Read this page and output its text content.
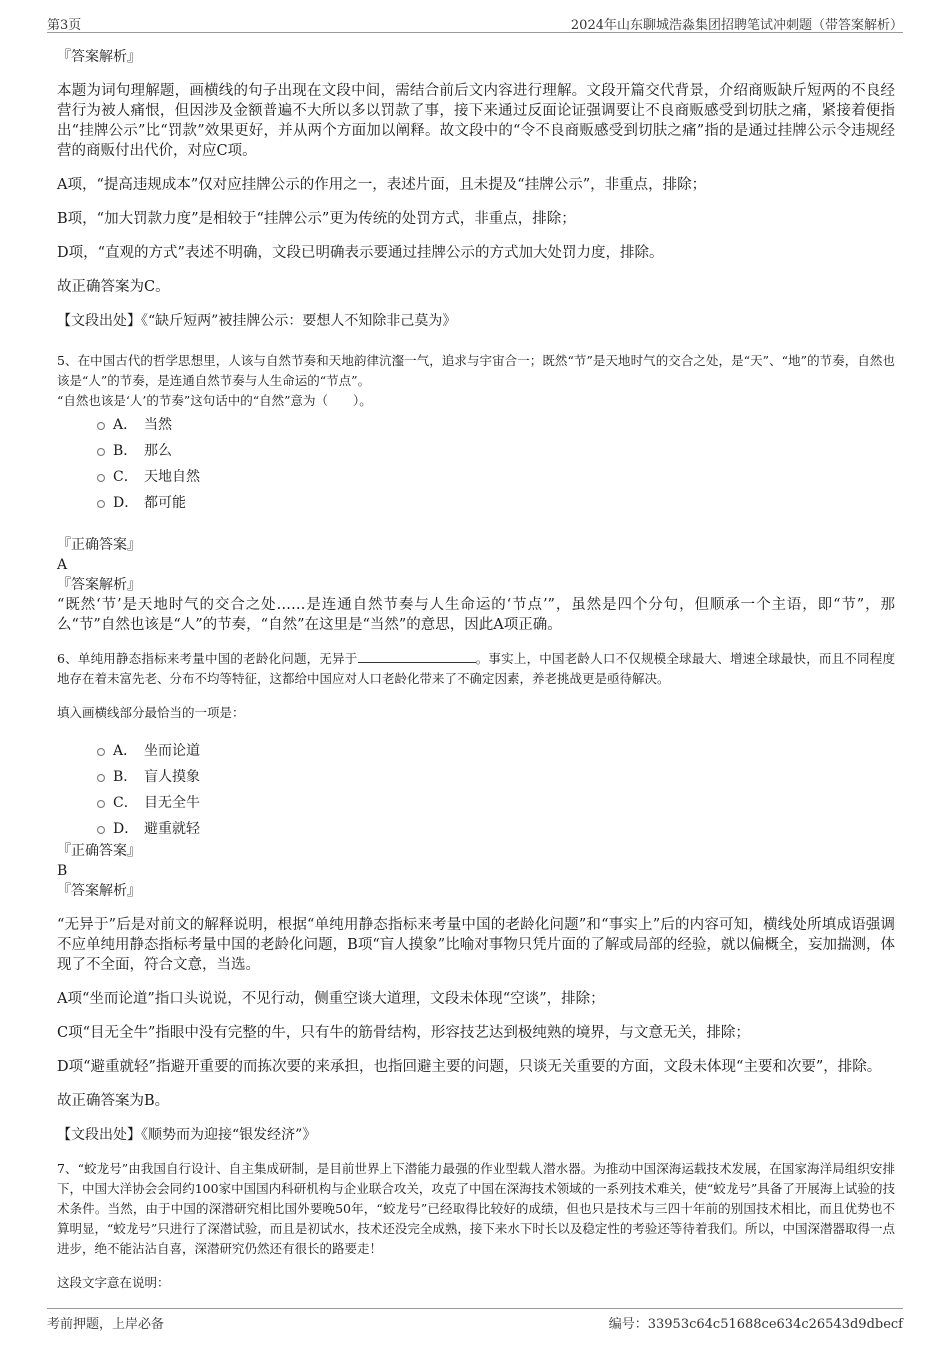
第3页	2024年山东聊城浩淼集团招聘笔试冲刺题（带答案解析）
『答案解析』

本题为词句理解题，画横线的句子出现在文段中间，需结合前后文内容进行理解。文段开篇交代背景，介绍商贩缺斤短两的不良经营行为被人痛恨，但因涉及金额普遍不大所以多以罚款了事，接下来通过反面论证强调要让不良商贩感受到切肤之痛，紧接着便指出“挂牌公示”比“罚款”效果更好，并从两个方面加以阐释。故文段中的“令不良商贩感受到切肤之痛”指的是通过挂牌公示令违规经营的商贩付出代价，对应C项。

A项，“提高违规成本”仅对应挂牌公示的作用之一，表述片面，且未提及“挂牌公示”，非重点，排除；

B项，“加大罚款力度”是相较于“挂牌公示”更为传统的处罚方式，非重点，排除；

D项，“直观的方式”表述不明确，文段已明确表示要通过挂牌公示的方式加大处罚力度，排除。

故正确答案为C。

【文段出处】《“缺斤短两”被挂牌公示：要想人不知除非己莫为》

5、在中国古代的哲学思想里，人该与自然节奏和天地韵律沆瀣一气，追求与宇宙合一；既然“节”是天地时气的交合之处，是“天”、“地”的节奏，自然也该是“人”的节奏，是连通自然节奏与人生命运的“节点”。

“自然也该是‘人’的节奏”这句话中的“自然”意为（　　）。

A． 当然
B． 那么
C． 天地自然
D． 都可能
『正确答案』
A
『答案解析』

“既然‘节’是天地时气的交合之处……是连通自然节奏与人生命运的‘节点’”，虽然是四个分句，但顺承一个主语，即“节”，那么“节”自然也该是“人”的节奏，“自然”在这里是“当然”的意思，因此A项正确。

6、单纯用静态指标来考量中国的老龄化问题，无异于	。事实上，中国老龄人口不仅规模全球最大、增速全球最快，而且不同程度地存在着未富先老、分布不均等特征，这都给中国应对人口老龄化带来了不确定因素，养老挑战更是亟待解决。

填入画横线部分最恰当的一项是：

A． 坐而论道
B． 盲人摸象
C． 目无全牛
D． 避重就轻
『正确答案』
B
『答案解析』

“无异于”后是对前文的解释说明，根据“单纯用静态指标来考量中国的老龄化问题”和“事实上”后的内容可知，横线处所填成语强调不应单纯用静态指标考量中国的老龄化问题，B项“盲人摸象”比喻对事物只凭片面的了解或局部的经验，就以偏概全，妄加揣测，体现了不全面，符合文意，当选。

A项“坐而论道”指口头说说，不见行动，侧重空谈大道理，文段未体现“空谈”，排除；

C项“目无全牛”指眼中没有完整的牛，只有牛的筋骨结构，形容技艺达到极纯熟的境界，与文意无关，排除；

D项“避重就轻”指避开重要的而拣次要的来承担，也指回避主要的问题，只谈无关重要的方面，文段未体现“主要和次要”，排除。

故正确答案为B。

【文段出处】《顺势而为迎接“银发经济”》

7、“蛟龙号”由我国自行设计、自主集成研制，是目前世界上下潜能力最强的作业型载人潜水器。为推动中国深海运载技术发展，在国家海洋局组织安排下，中国大洋协会会同约100家中国国内科研机构与企业联合攻关，攻克了中国在深海技术领域的一系列技术难关，使“蛟龙号”具备了开展海上试验的技术条件。当然，由于中国的深潜研究相比国外要晚50年，“蛟龙号”已经取得比较好的成绩，但也只是技术与三四十年前的别国技术相比，而且优势也不算明显，“蛟龙号”只进行了深潜试验，而且是初试水，技术还没完全成熟，接下来水下时长以及稳定性的考验还等待着我们。所以，中国深潜器取得一点进步，绝不能沾沾自喜，深潜研究仍然还有很长的路要走！

这段文字意在说明：

考前押题，上岸必备	编号：33953c64c51688ce634c26543d9dbecf
